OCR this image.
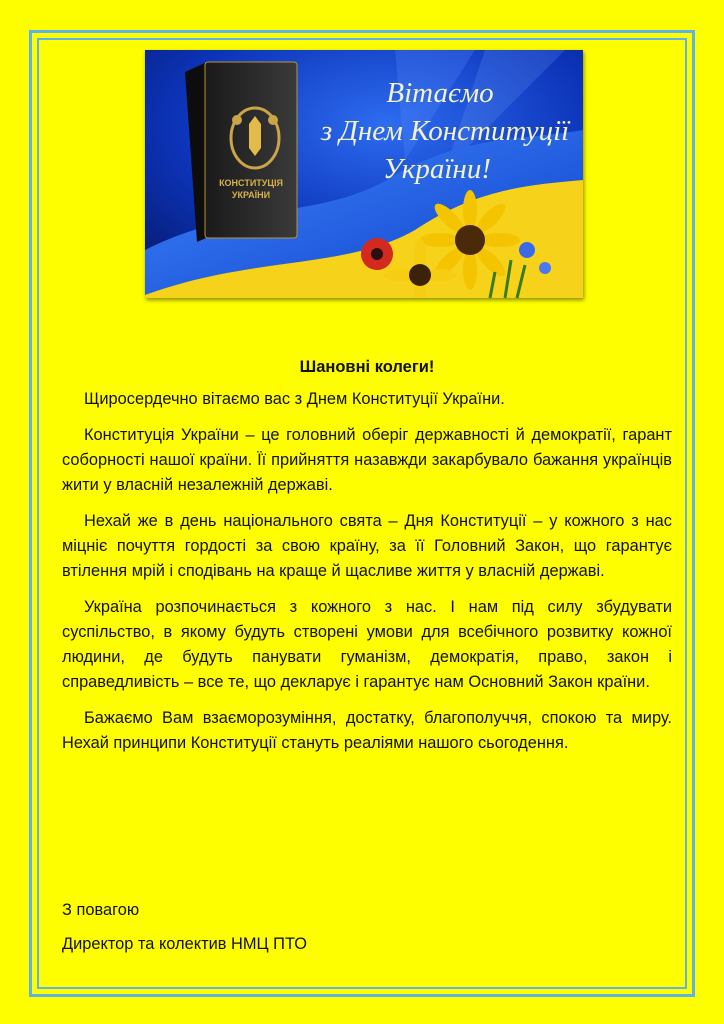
КОНСТИТУЦІЯ
УКРАЇНИ
Вітаємо
з Днем Конституції
України!
Шановні колеги!

Щиросердечно вітаємо вас з Днем Конституції України.

Конституція України – це головний оберіг державності й демократії, гарант соборності нашої країни. Її прийняття назавжди закарбувало бажання українців жити у власній незалежній державі.

Нехай же в день національного свята – Дня Конституції – у кожного з нас міцніє почуття гордості за свою країну, за її Головний Закон, що гарантує втілення мрій і сподівань на краще й щасливе життя у власній державі.

Україна розпочинається з кожного з нас. І нам під силу збудувати суспільство, в якому будуть створені умови для всебічного розвитку кожної людини, де будуть панувати гуманізм, демократія, право, закон і справедливість – все те, що декларує і гарантує нам Основний Закон країни.

Бажаємо Вам взаєморозуміння, достатку, благополуччя, спокою та миру. Нехай принципи Конституції стануть реаліями нашого сьогодення.

З повагою
Директор та колектив НМЦ ПТО
